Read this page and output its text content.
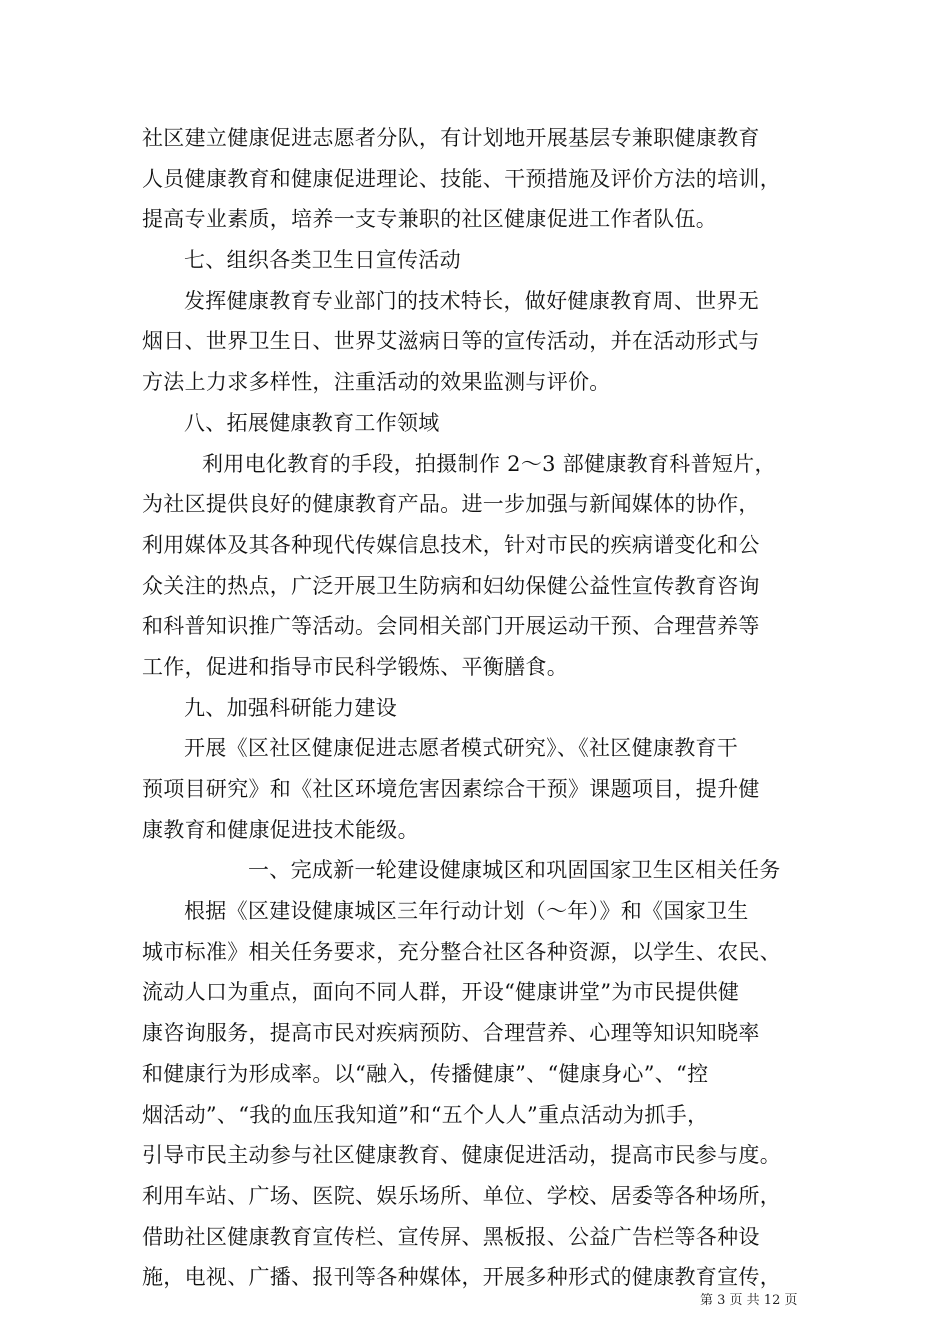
社区建立健康促进志愿者分队，有计划地开展基层专兼职健康教育
人员健康教育和健康促进理论、技能、干预措施及评价方法的培训，
提高专业素质，培养一支专兼职的社区健康促进工作者队伍。
七、组织各类卫生日宣传活动
发挥健康教育专业部门的技术特长，做好健康教育周、世界无
烟日、世界卫生日、世界艾滋病日等的宣传活动，并在活动形式与
方法上力求多样性，注重活动的效果监测与评价。
八、拓展健康教育工作领域
利用电化教育的手段，拍摄制作 2～3 部健康教育科普短片，
为社区提供良好的健康教育产品。进一步加强与新闻媒体的协作，
利用媒体及其各种现代传媒信息技术，针对市民的疾病谱变化和公
众关注的热点，广泛开展卫生防病和妇幼保健公益性宣传教育咨询
和科普知识推广等活动。会同相关部门开展运动干预、合理营养等
工作，促进和指导市民科学锻炼、平衡膳食。
九、加强科研能力建设
开展《区社区健康促进志愿者模式研究》、《社区健康教育干
预项目研究》和《社区环境危害因素综合干预》课题项目，提升健
康教育和健康促进技术能级。
一、完成新一轮建设健康城区和巩固国家卫生区相关任务
根据《区建设健康城区三年行动计划（～年）》和《国家卫生
城市标准》相关任务要求，充分整合社区各种资源，以学生、农民、
流动人口为重点，面向不同人群，开设“健康讲堂”为市民提供健
康咨询服务，提高市民对疾病预防、合理营养、心理等知识知晓率
和健康行为形成率。以“融入，传播健康”、“健康身心”、“控
烟活动”、“我的血压我知道”和“五个人人”重点活动为抓手，
引导市民主动参与社区健康教育、健康促进活动，提高市民参与度。
利用车站、广场、医院、娱乐场所、单位、学校、居委等各种场所，
借助社区健康教育宣传栏、宣传屏、黑板报、公益广告栏等各种设
施，电视、广播、报刊等各种媒体，开展多种形式的健康教育宣传，
第 3 页 共 12 页
